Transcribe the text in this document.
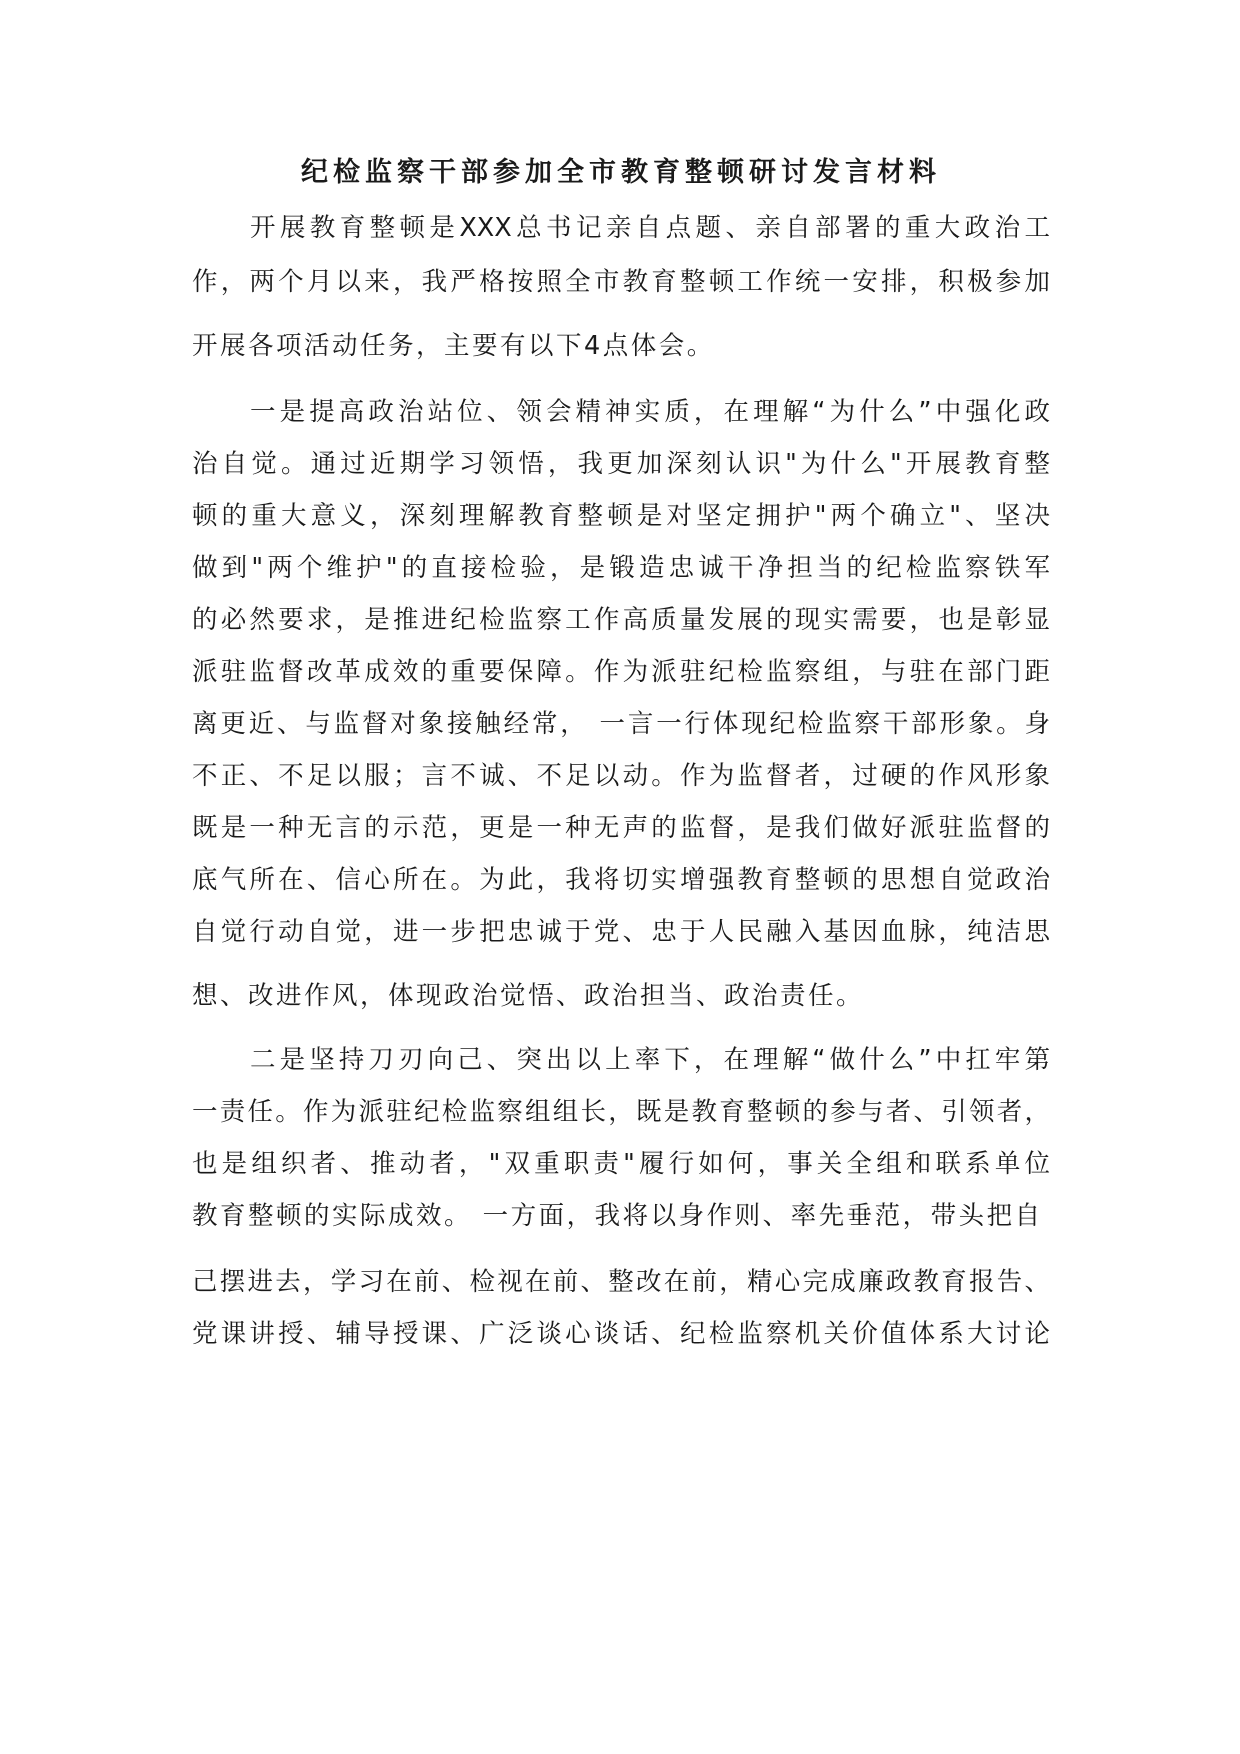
纪检监察干部参加全市教育整顿研讨发言材料

开展教育整顿是XXX总书记亲自点题、亲自部署的重大政治工

作，两个月以来，我严格按照全市教育整顿工作统一安排，积极参加

开展各项活动任务，主要有以下4点体会。

一是提高政治站位、领会精神实质，在理解“为什么”中强化政

治自觉。通过近期学习领悟，我更加深刻认识"为什么"开展教育整

顿的重大意义，深刻理解教育整顿是对坚定拥护"两个确立"、坚决

做到"两个维护"的直接检验，是锻造忠诚干净担当的纪检监察铁军

的必然要求，是推进纪检监察工作高质量发展的现实需要，也是彰显

派驻监督改革成效的重要保障。作为派驻纪检监察组，与驻在部门距

离更近、与监督对象接触经常， 一言一行体现纪检监察干部形象。身

不正、不足以服；言不诚、不足以动。作为监督者，过硬的作风形象

既是一种无言的示范，更是一种无声的监督，是我们做好派驻监督的

底气所在、信心所在。为此，我将切实增强教育整顿的思想自觉政治

自觉行动自觉，进一步把忠诚于党、忠于人民融入基因血脉，纯洁思

想、改进作风，体现政治觉悟、政治担当、政治责任。

二是坚持刀刃向己、突出以上率下，在理解“做什么”中扛牢第

一责任。作为派驻纪检监察组组长，既是教育整顿的参与者、引领者，

也是组织者、推动者，"双重职责"履行如何，事关全组和联系单位

教育整顿的实际成效。 一方面，我将以身作则、率先垂范，带头把自

己摆进去，学习在前、检视在前、整改在前，精心完成廉政教育报告、

党课讲授、辅导授课、广泛谈心谈话、纪检监察机关价值体系大讨论
